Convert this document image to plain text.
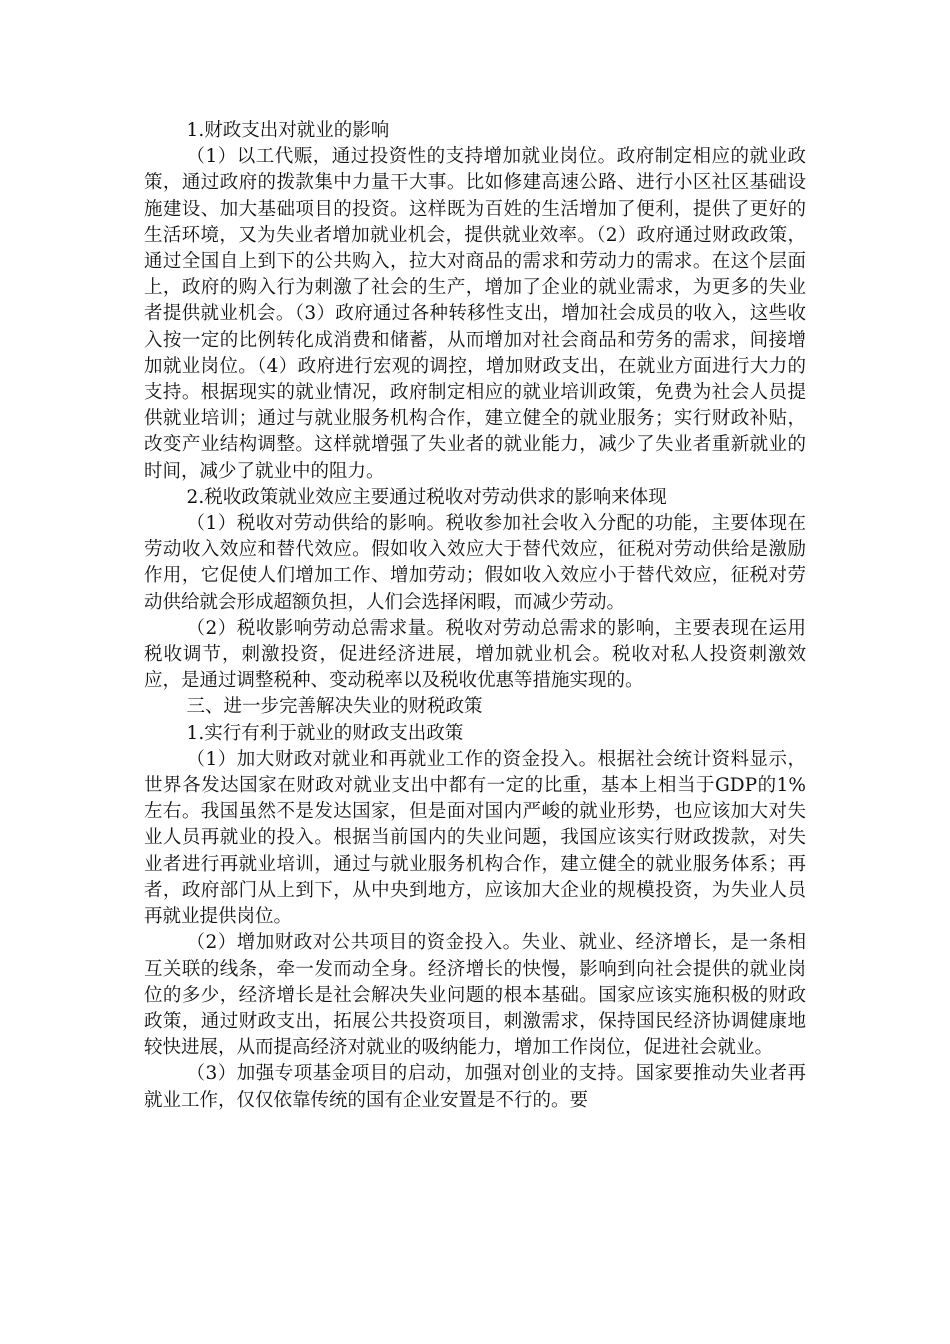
1.财政支出对就业的影响

（1）以工代赈，通过投资性的支持增加就业岗位。政府制定相应的就业政策，通过政府的拨款集中力量干大事。比如修建高速公路、进行小区社区基础设施建设、加大基础项目的投资。这样既为百姓的生活增加了便利，提供了更好的生活环境，又为失业者增加就业机会，提供就业效率。（2）政府通过财政政策，通过全国自上到下的公共购入，拉大对商品的需求和劳动力的需求。在这个层面上，政府的购入行为刺激了社会的生产，增加了企业的就业需求，为更多的失业者提供就业机会。（3）政府通过各种转移性支出，增加社会成员的收入，这些收入按一定的比例转化成消费和储蓄，从而增加对社会商品和劳务的需求，间接增加就业岗位。（4）政府进行宏观的调控，增加财政支出，在就业方面进行大力的支持。根据现实的就业情况，政府制定相应的就业培训政策，免费为社会人员提供就业培训；通过与就业服务机构合作，建立健全的就业服务；实行财政补贴，改变产业结构调整。这样就增强了失业者的就业能力，减少了失业者重新就业的时间，减少了就业中的阻力。

2.税收政策就业效应主要通过税收对劳动供求的影响来体现

（1）税收对劳动供给的影响。税收参加社会收入分配的功能，主要体现在劳动收入效应和替代效应。假如收入效应大于替代效应，征税对劳动供给是激励作用，它促使人们增加工作、增加劳动；假如收入效应小于替代效应，征税对劳动供给就会形成超额负担，人们会选择闲暇，而减少劳动。

（2）税收影响劳动总需求量。税收对劳动总需求的影响，主要表现在运用税收调节，刺激投资，促进经济进展，增加就业机会。税收对私人投资刺激效应，是通过调整税种、变动税率以及税收优惠等措施实现的。

三、进一步完善解决失业的财税政策

1.实行有利于就业的财政支出政策

（1）加大财政对就业和再就业工作的资金投入。根据社会统计资料显示，世界各发达国家在财政对就业支出中都有一定的比重，基本上相当于GDP的1%左右。我国虽然不是发达国家，但是面对国内严峻的就业形势，也应该加大对失业人员再就业的投入。根据当前国内的失业问题，我国应该实行财政拨款，对失业者进行再就业培训，通过与就业服务机构合作，建立健全的就业服务体系；再者，政府部门从上到下，从中央到地方，应该加大企业的规模投资，为失业人员再就业提供岗位。

（2）增加财政对公共项目的资金投入。失业、就业、经济增长，是一条相互关联的线条，牵一发而动全身。经济增长的快慢，影响到向社会提供的就业岗位的多少，经济增长是社会解决失业问题的根本基础。国家应该实施积极的财政政策，通过财政支出，拓展公共投资项目，刺激需求，保持国民经济协调健康地较快进展，从而提高经济对就业的吸纳能力，增加工作岗位，促进社会就业。

（3）加强专项基金项目的启动，加强对创业的支持。国家要推动失业者再就业工作，仅仅依靠传统的国有企业安置是不行的。要
